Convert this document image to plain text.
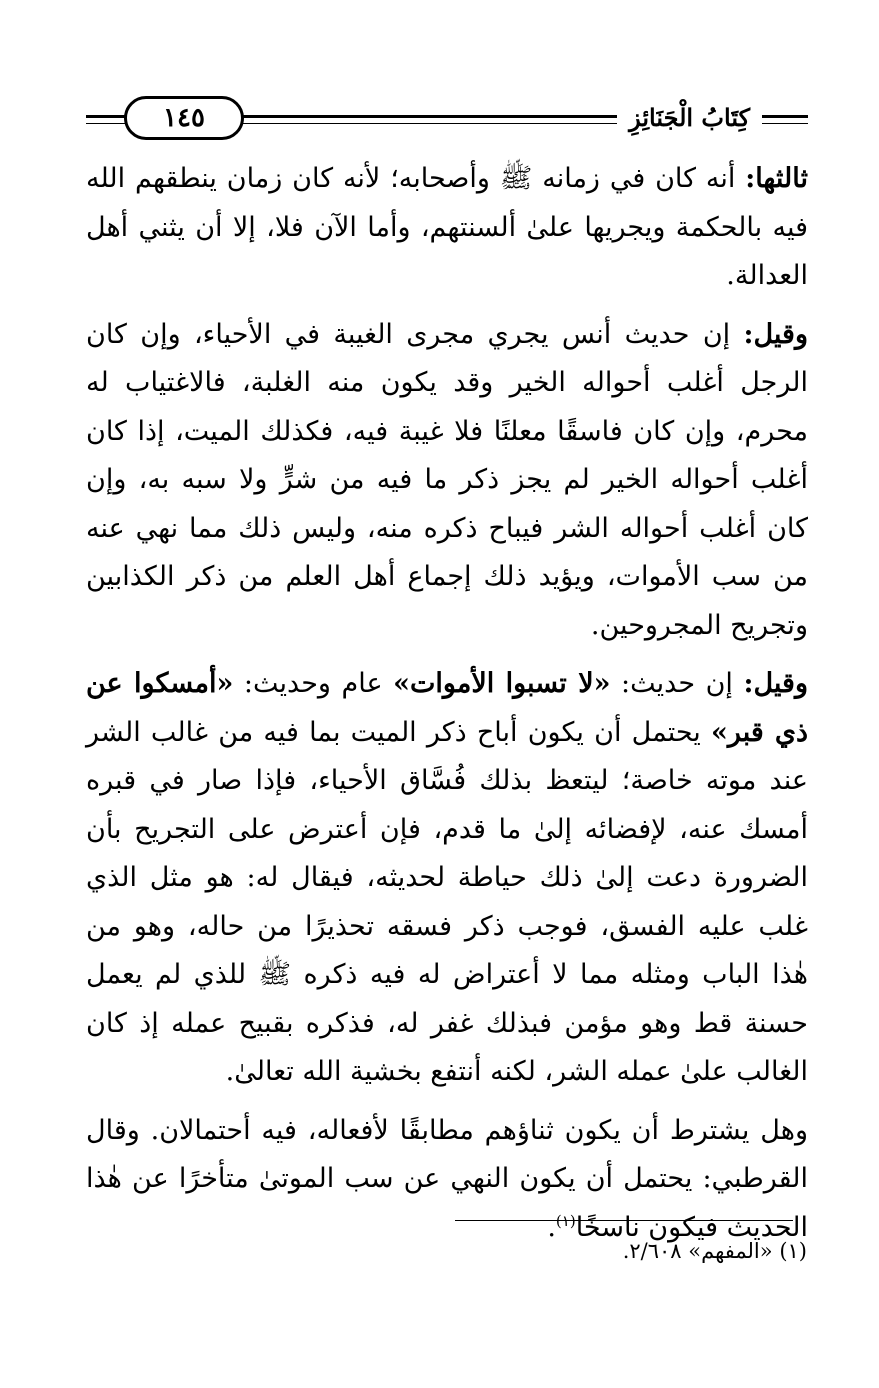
١٤٥	كِتَابُ الْجَنَائِزِ

ثالثها: أنه كان في زمانه ﷺ وأصحابه؛ لأنه كان زمان ينطقهم الله فيه بالحكمة ويجريها علىٰ ألسنتهم، وأما الآن فلا، إلا أن يثني أهل العدالة.

وقيل: إن حديث أنس يجري مجرى الغيبة في الأحياء، وإن كان الرجل أغلب أحواله الخير وقد يكون منه الغلبة، فالاغتياب له محرم، وإن كان فاسقًا معلنًا فلا غيبة فيه، فكذلك الميت، إذا كان أغلب أحواله الخير لم يجز ذكر ما فيه من شرٍّ ولا سبه به، وإن كان أغلب أحواله الشر فيباح ذكره منه، وليس ذلك مما نهي عنه من سب الأموات، ويؤيد ذلك إجماع أهل العلم من ذكر الكذابين وتجريح المجروحين.

وقيل: إن حديث: «لا تسبوا الأموات» عام وحديث: «أمسكوا عن ذي قبر» يحتمل أن يكون أباح ذكر الميت بما فيه من غالب الشر عند موته خاصة؛ ليتعظ بذلك فُسَّاق الأحياء، فإذا صار في قبره أمسك عنه، لإفضائه إلىٰ ما قدم، فإن أعترض على التجريح بأن الضرورة دعت إلىٰ ذلك حياطة لحديثه، فيقال له: هو مثل الذي غلب عليه الفسق، فوجب ذكر فسقه تحذيرًا من حاله، وهو من هٰذا الباب ومثله مما لا أعتراض له فيه ذكره ﷺ للذي لم يعمل حسنة قط وهو مؤمن فبذلك غفر له، فذكره بقبيح عمله إذ كان الغالب علىٰ عمله الشر، لكنه أنتفع بخشية الله تعالىٰ.

وهل يشترط أن يكون ثناؤهم مطابقًا لأفعاله، فيه أحتمالان. وقال القرطبي: يحتمل أن يكون النهي عن سب الموتىٰ متأخرًا عن هٰذا الحديث فيكون ناسخًا$^{(١)}$.

(١) «المفهم» ٢/٦٠٨.
